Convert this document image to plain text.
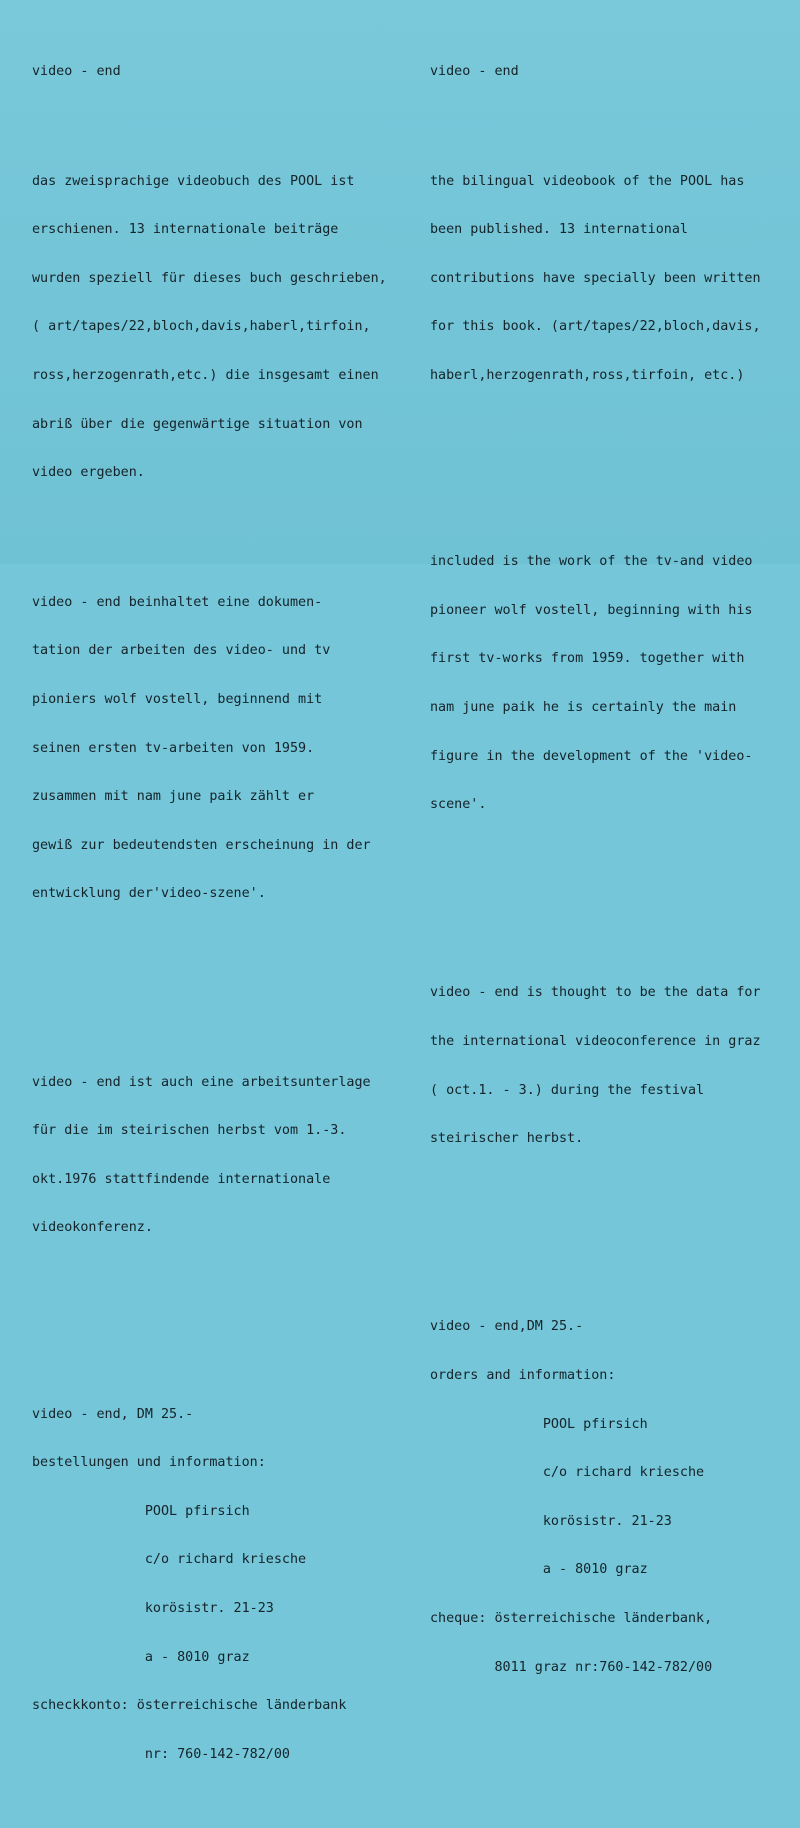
video - end

das zweisprachige videobuch des POOL ist

erschienen. 13 internationale beiträge

wurden speziell für dieses buch geschrieben,

( art/tapes/22,bloch,davis,haberl,tirfoin,

ross,herzogenrath,etc.) die insgesamt einen

abriß über die gegenwärtige situation von

video ergeben.

video - end beinhaltet eine dokumen-

tation der arbeiten des video- und tv

pioniers wolf vostell, beginnend mit

seinen ersten tv-arbeiten von 1959.

zusammen mit nam june paik zählt er

gewiß zur bedeutendsten erscheinung in der

entwicklung der'video-szene'.

video - end ist auch eine arbeitsunterlage

für die im steirischen herbst vom 1.-3.

okt.1976 stattfindende internationale

videokonferenz.

video - end, DM 25.-

bestellungen und information:

POOL pfirsich

c/o richard kriesche

korösistr. 21-23

a - 8010 graz

scheckkonto: österreichische länderbank

nr: 760-142-782/00

video - end

the bilingual videobook of the POOL has

been published. 13 international

contributions have specially been written

for this book. (art/tapes/22,bloch,davis,

haberl,herzogenrath,ross,tirfoin, etc.)

included is the work of the tv-and video

pioneer wolf vostell, beginning with his

first tv-works from 1959. together with

nam june paik he is certainly the main

figure in the development of the 'video-

scene'.

video - end is thought to be the data for

the international videoconference in graz

( oct.1. - 3.) during the festival

steirischer herbst.

video - end,DM 25.-

orders and information:

POOL pfirsich

c/o richard kriesche

korösistr. 21-23

a - 8010 graz

cheque: österreichische länderbank,

8011 graz nr:760-142-782/00
